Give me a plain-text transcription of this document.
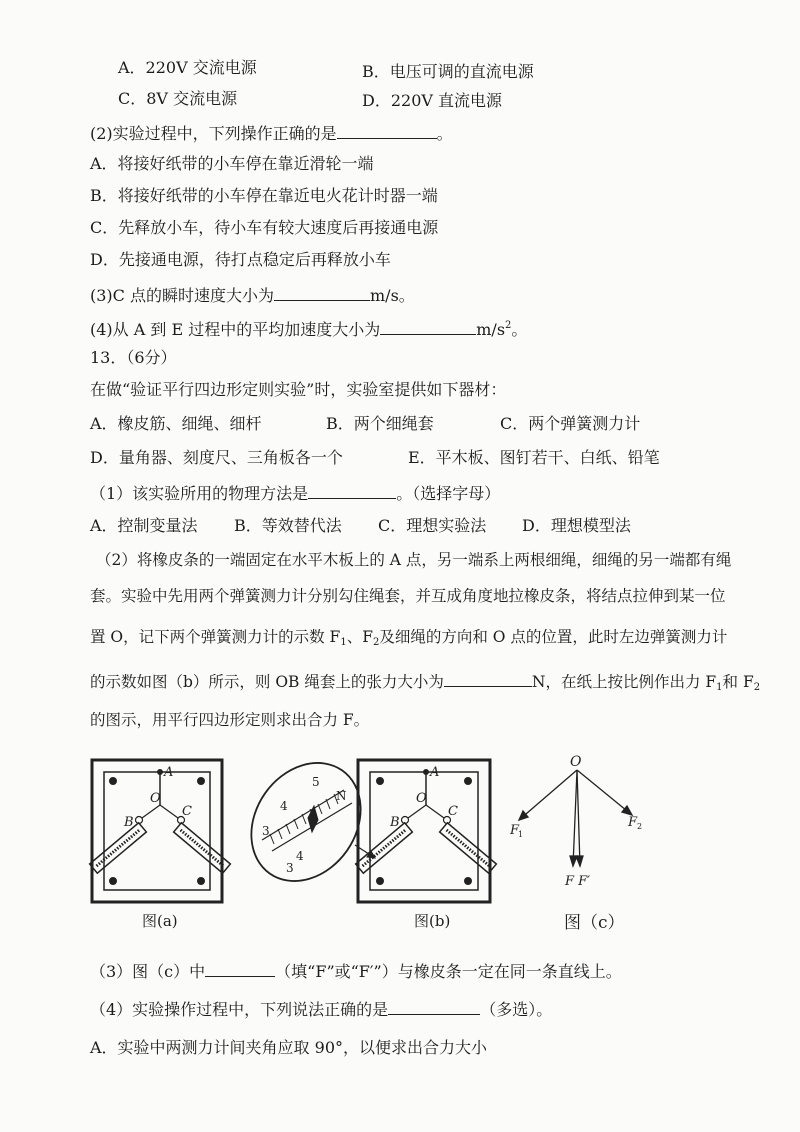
A．220V 交流电源	B．电压可调的直流电源
C．8V 交流电源	D．220V 直流电源
(2)实验过程中，下列操作正确的是	。
A．将接好纸带的小车停在靠近滑轮一端
B．将接好纸带的小车停在靠近电火花计时器一端
C．先释放小车，待小车有较大速度后再接通电源
D．先接通电源，待打点稳定后再释放小车
(3)C 点的瞬时速度大小为	m/s。
(4)从 A 到 E 过程中的平均加速度大小为	$m/s^2$。
13．（6分）
在做“验证平行四边形定则实验”时，实验室提供如下器材：
A．橡皮筋、细绳、细杆	B．两个细绳套	C．两个弹簧测力计
D．量角器、刻度尺、三角板各一个	E．平木板、图钉若干、白纸、铅笔
（1）该实验所用的物理方法是	。（选择字母）
A．控制变量法 B．等效替代法 C．理想实验法 D．理想模型法
（2）将橡皮条的一端固定在水平木板上的 A 点，另一端系上两根细绳，细绳的另一端都有绳
套。实验中先用两个弹簧测力计分别勾住绳套，并互成角度地拉橡皮条，将结点拉伸到某一位
置 O，记下两个弹簧测力计的示数 $F_1$、$F_2$及细绳的方向和 O 点的位置，此时左边弹簧测力计
的示数如图（b）所示，则 OB 绳套上的张力大小为	N，在纸上按比例作出力 $F_1$和 $F_2$
的图示，用平行四边形定则求出合力 F。
A
O
B
C	4
5
3
N
4
3
A
O
B
C
O
F
1
F 2
F F′
图(a)	图(b)	图（c）
（3）图（c）中	（填“F”或“F′”）与橡皮条一定在同一条直线上。
（4）实验操作过程中，下列说法正确的是	（多选）。
A．实验中两测力计间夹角应取 90°，以便求出合力大小
